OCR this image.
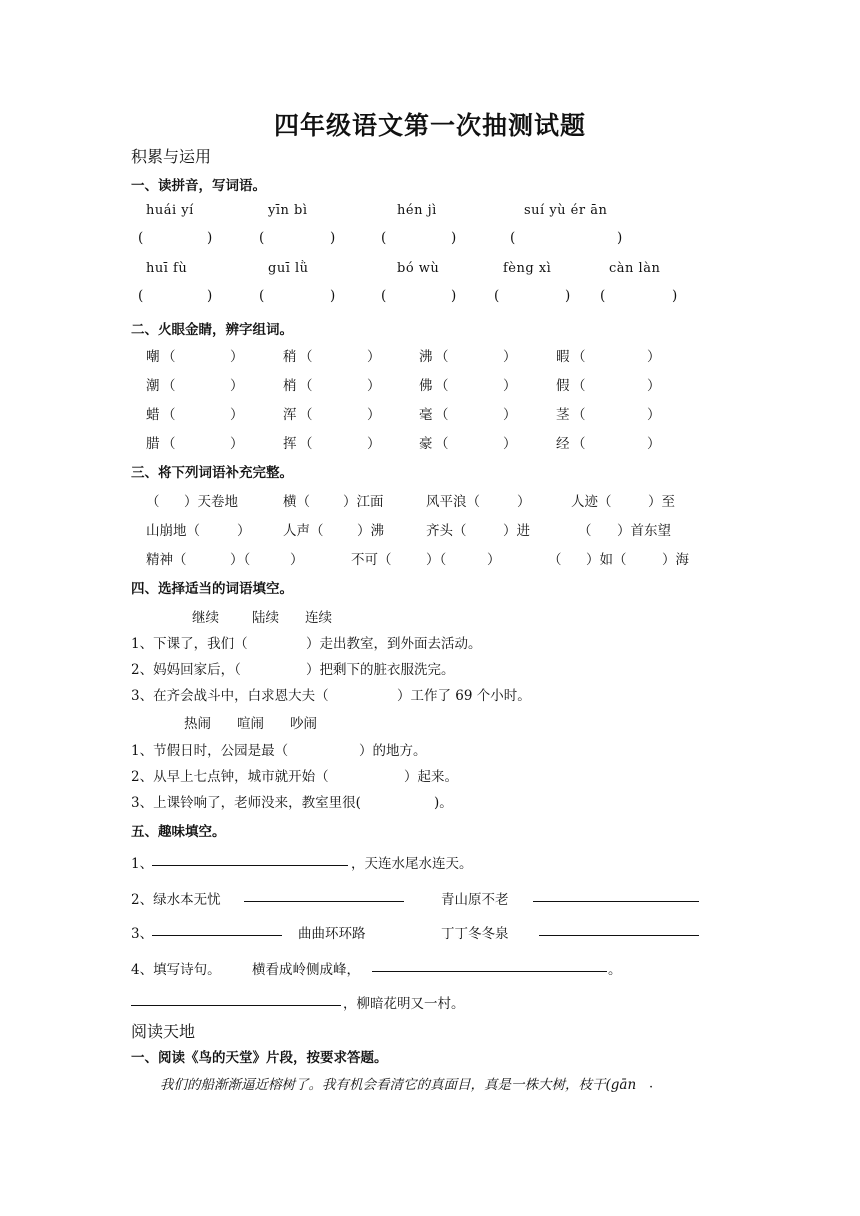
四年级语文第一次抽测试题
积累与运用
一、读拼音，写词语。
huái yí	yīn bì	hén jì	suí yù ér ān
(	)	(	)	(	)	(	)
huī fù	guī lǜ	bó wù	fèng xì	càn làn
(	)	(	)	(	)	(	) (	)
二、火眼金睛，辨字组词。
嘲 （	）	稍 （	）	沸 （	）	暇 （	）
潮 （	）	梢 （	）	佛 （	）	假 （	）
蜡 （	）	浑 （	）	毫 （	）	茎 （	）
腊 （	）	挥 （	）	豪 （	）	经 （	）
三、将下列词语补充完整。
（ ）天卷地	横（ ）江面	风平浪（	）	人迹（	）至
山崩地（	） 人声（ ）沸	齐头（	）进	（ ）首东望
精神（	）（	）	不可（	）（	）	（ ）如（	）海
四、选择适当的词语填空。
继续 陆续 连续
1、下课了，我们（	）走出教室，到外面去活动。
2、妈妈回家后，（	）把剩下的脏衣服洗完。
3、在齐会战斗中，白求恩大夫（	）工作了 69 个小时。
热闹 喧闹 吵闹
1、节假日时，公园是最（	）的地方。
2、从早上七点钟，城市就开始（	）起来。
3、上课铃响了，老师没来，教室里很(	)。
五、趣味填空。
1、	，天连水尾水连天。
2、绿水本无忧	青山原不老
3、	曲曲环环路	丁丁冬冬泉
4、填写诗句。 横看成岭侧成峰，	。
，柳暗花明又一村。
阅读天地
一、阅读《鸟的天堂》片段，按要求答题。
我们的船渐渐逼近榕树了。我有机会看清它的真面目，真是一株大树，枝干(gān ·
